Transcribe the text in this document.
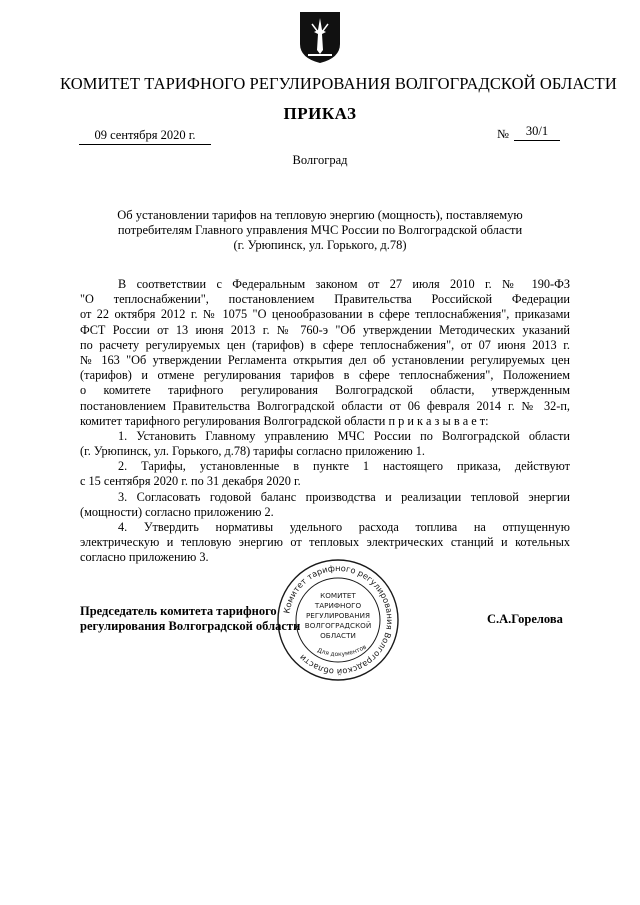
КОМИТЕТ ТАРИФНОГО РЕГУЛИРОВАНИЯ ВОЛГОГРАДСКОЙ ОБЛАСТИ
ПРИКАЗ
09 сентября 2020 г.	№	30/1
Волгоград
Об установлении тарифов на тепловую энергию (мощность), поставляемую
потребителям Главного управления МЧС России по Волгоградской области
(г. Урюпинск, ул. Горького, д.78)
В соответствии с Федеральным законом от 27 июля 2010 г. № 190-ФЗ
"О теплоснабжении", постановлением Правительства Российской Федерации
от 22 октября 2012 г. № 1075 "О ценообразовании в сфере теплоснабжения", приказами
ФСТ России от 13 июня 2013 г. № 760-э "Об утверждении Методических указаний
по расчету регулируемых цен (тарифов) в сфере теплоснабжения", от 07 июня 2013 г.
№ 163 "Об утверждении Регламента открытия дел об установлении регулируемых цен
(тарифов) и отмене регулирования тарифов в сфере теплоснабжения", Положением
о комитете тарифного регулирования Волгоградской области, утвержденным
постановлением Правительства Волгоградской области от 06 февраля 2014 г. № 32-п,
комитет тарифного регулирования Волгоградской области п р и к а з ы в а е т:
1. Установить Главному управлению МЧС России по Волгоградской области
(г. Урюпинск, ул. Горького, д.78) тарифы согласно приложению 1.
2. Тарифы, установленные в пункте 1 настоящего приказа, действуют
с 15 сентября 2020 г. по 31 декабря 2020 г.
3. Согласовать годовой баланс производства и реализации тепловой энергии
(мощности) согласно приложению 2.
4. Утвердить нормативы удельного расхода топлива на отпущенную
электрическую и тепловую энергию от тепловых электрических станций и котельных
согласно приложению 3.
Комитет тарифного регулирования Волгоградской области
КОМИТЕТ
ТАРИФНОГО
РЕГУЛИРОВАНИЯ
ВОЛГОГРАДСКОЙ
ОБЛАСТИ
Для документов
Председатель комитета тарифного
регулирования Волгоградской области	С.А.Горелова
